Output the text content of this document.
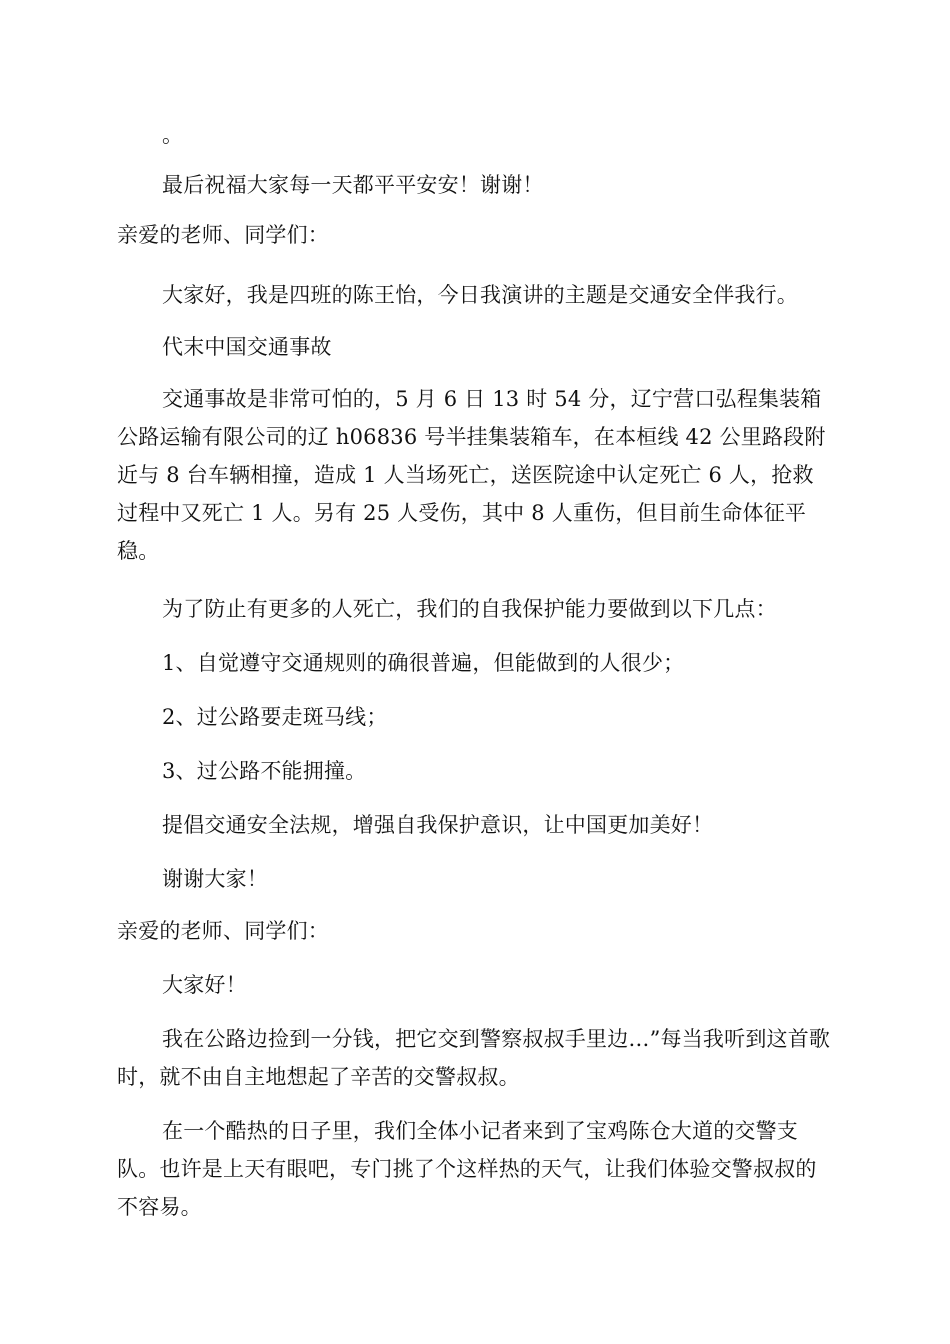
。

最后祝福大家每一天都平平安安！谢谢！

亲爱的老师、同学们：

大家好，我是四班的陈王怡，今日我演讲的主题是交通安全伴我行。

代末中国交通事故

交通事故是非常可怕的，5 月 6 日 13 时 54 分，辽宁营口弘程集装箱公路运输有限公司的辽 h06836 号半挂集装箱车，在本桓线 42 公里路段附近与 8 台车辆相撞，造成 1 人当场死亡，送医院途中认定死亡 6 人，抢救过程中又死亡 1 人。另有 25 人受伤，其中 8 人重伤，但目前生命体征平稳。

为了防止有更多的人死亡，我们的自我保护能力要做到以下几点：

1、自觉遵守交通规则的确很普遍，但能做到的人很少；

2、过公路要走斑马线；

3、过公路不能拥撞。

提倡交通安全法规，增强自我保护意识，让中国更加美好！

谢谢大家！

亲爱的老师、同学们：

大家好！

我在公路边捡到一分钱，把它交到警察叔叔手里边…”每当我听到这首歌时，就不由自主地想起了辛苦的交警叔叔。

在一个酷热的日子里，我们全体小记者来到了宝鸡陈仓大道的交警支队。也许是上天有眼吧，专门挑了个这样热的天气，让我们体验交警叔叔的不容易。
